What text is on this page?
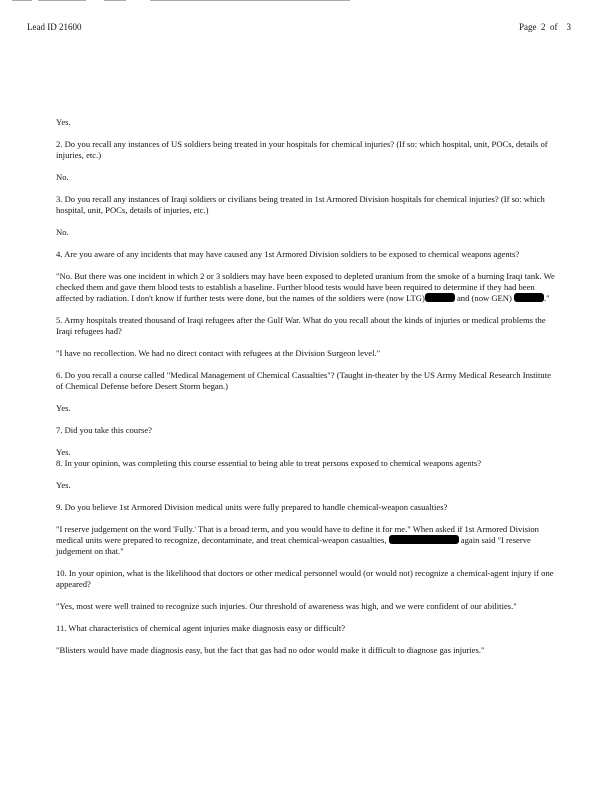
Lead ID 21600	Page 2 of 3

Yes.

2. Do you recall any instances of US soldiers being treated in your hospitals for chemical injuries? (If so: which hospital, unit, POCs, details of injuries, etc.)

No.

3. Do you recall any instances of Iraqi soldiers or civilians being treated in 1st Armored Division hospitals for chemical injuries? (If so: which hospital, unit, POCs, details of injuries, etc.)

No.

4. Are you aware of any incidents that may have caused any 1st Armored Division soldiers to be exposed to chemical weapons agents?

"No. But there was one incident in which 2 or 3 soldiers may have been exposed to depleted uranium from the smoke of a burning Iraqi tank. We checked them and gave them blood tests to establish a baseline. Further blood tests would have been required to determine if they had been affected by radiation. I don't know if further tests were done, but the names of the soldiers were (now LTG)	and (now GEN)	."

5. Army hospitals treated thousand of Iraqi refugees after the Gulf War. What do you recall about the kinds of injuries or medical problems the Iraqi refugees had?

"I have no recollection. We had no direct contact with refugees at the Division Surgeon level."

6. Do you recall a course called "Medical Management of Chemical Casualties"? (Taught in-theater by the US Army Medical Research Institute of Chemical Defense before Desert Storm began.)

Yes.

7. Did you take this course?

Yes.

8. In your opinion, was completing this course essential to being able to treat persons exposed to chemical weapons agents?

Yes.

9. Do you believe 1st Armored Division medical units were fully prepared to handle chemical-weapon casualties?

"I reserve judgement on the word 'Fully.' That is a broad term, and you would have to define it for me." When asked if 1st Armored Division medical units were prepared to recognize, decontaminate, and treat chemical-weapon casualties,	again said "I reserve judgement on that."

10. In your opinion, what is the likelihood that doctors or other medical personnel would (or would not) recognize a chemical-agent injury if one appeared?

"Yes, most were well trained to recognize such injuries. Our threshold of awareness was high, and we were confident of our abilities."

11. What characteristics of chemical agent injuries make diagnosis easy or difficult?

"Blisters would have made diagnosis easy, but the fact that gas had no odor would make it difficult to diagnose gas injuries."
